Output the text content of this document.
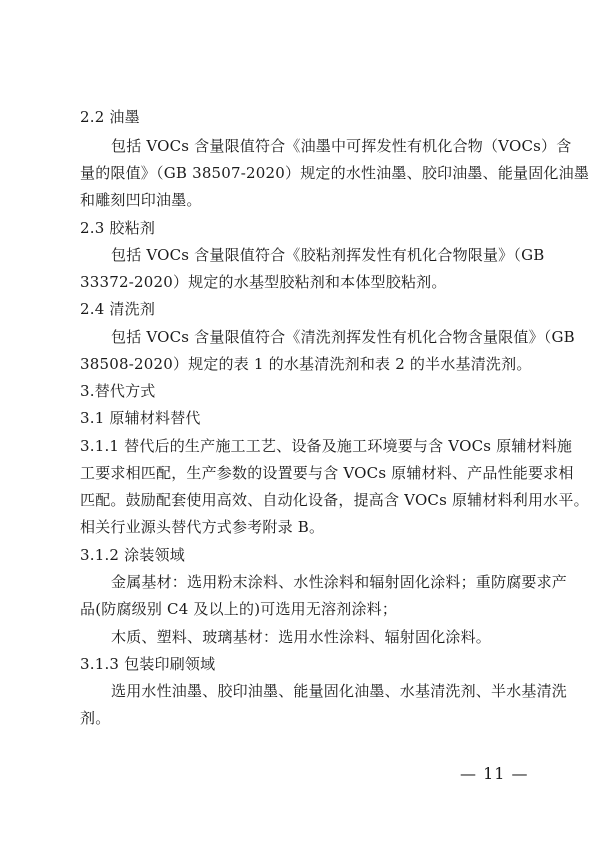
2.2 油墨
包括 VOCs 含量限值符合《油墨中可挥发性有机化合物（VOCs）含
量的限值》（GB 38507-2020）规定的水性油墨、胶印油墨、能量固化油墨
和雕刻凹印油墨。
2.3 胶粘剂
包括 VOCs 含量限值符合《胶粘剂挥发性有机化合物限量》（GB
33372-2020）规定的水基型胶粘剂和本体型胶粘剂。
2.4 清洗剂
包括 VOCs 含量限值符合《清洗剂挥发性有机化合物含量限值》（GB
38508-2020）规定的表 1 的水基清洗剂和表 2 的半水基清洗剂。
3.替代方式
3.1 原辅材料替代
3.1.1 替代后的生产施工工艺、设备及施工环境要与含 VOCs 原辅材料施
工要求相匹配，生产参数的设置要与含 VOCs 原辅材料、产品性能要求相
匹配。鼓励配套使用高效、自动化设备，提高含 VOCs 原辅材料利用水平。
相关行业源头替代方式参考附录 B。
3.1.2 涂装领域
金属基材：选用粉末涂料、水性涂料和辐射固化涂料；重防腐要求产
品(防腐级别 C4 及以上的)可选用无溶剂涂料；
木质、塑料、玻璃基材：选用水性涂料、辐射固化涂料。
3.1.3 包装印刷领域
选用水性油墨、胶印油墨、能量固化油墨、水基清洗剂、半水基清洗
剂。
— 11 —
